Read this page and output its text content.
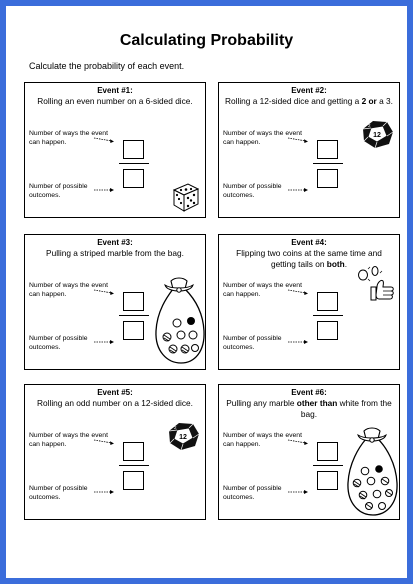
Calculating Probability
Calculate the probability of each event.
Event #1:
Rolling an even number on a 6-sided dice.
Number of ways the event can happen.
Number of possible outcomes.
Event #2:
Rolling a 12-sided dice and getting a 2 or a 3.
Number of ways the event can happen.
Number of possible outcomes.
12
2
Event #3:
Pulling a striped marble from the bag.
Number of ways the event can happen.
Number of possible outcomes.
Event #4:
Flipping two coins at the same time and getting tails on both.
Number of ways the event can happen.
Number of possible outcomes.
Event #5:
Rolling an odd number on a 12-sided dice.
Number of ways the event can happen.
Number of possible outcomes.
12
2
Event #6:
Pulling any marble other than white from the bag.
Number of ways the event can happen.
Number of possible outcomes.
